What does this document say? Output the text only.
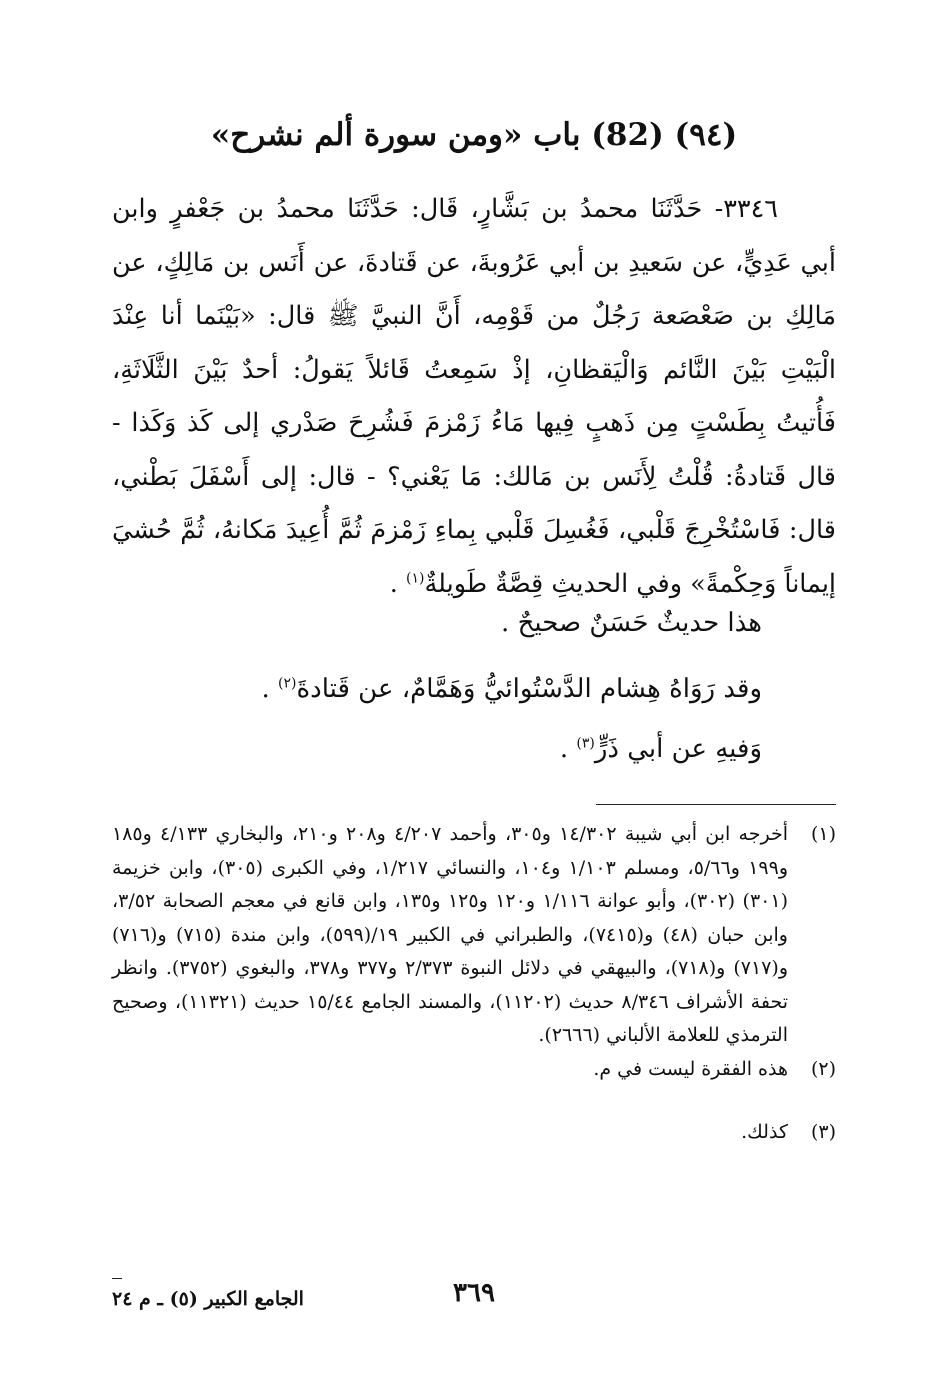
(٩٤) (82) باب «ومن سورة ألم نشرح»
٣٣٤٦- حَدَّثَنَا محمدُ بن بَشَّارٍ، قَال: حَدَّثَنَا محمدُ بن جَعْفرٍ وابن أبي عَدِيٍّ، عن سَعيدِ بن أبي عَرُوبةَ، عن قَتادةَ، عن أَنَس بن مَالِكٍ، عن مَالِكِ بن صَعْصَعة رَجُلٌ من قَوْمِه، أَنَّ النبيَّ ﷺ قال: «بَيْنَما أنا عِنْدَ الْبَيْتِ بَيْنَ النَّائم وَالْيَقظانِ، إذْ سَمِعتُ قَائلاً يَقولُ: أحدٌ بَيْنَ الثَّلَاثَةِ، فَأُتيتُ بِطَسْتٍ مِن ذَهبٍ فِيها مَاءُ زَمْزمَ فَشُرِحَ صَدْري إلى كَذ وَكَذا - قال قَتادةُ: قُلْتُ لِأَنَس بن مَالك: مَا يَعْني؟ - قال: إلى أَسْفَلَ بَطْني، قال: فَاسْتُخْرِجَ قَلْبي، فَغُسِلَ قَلْبي بِماءِ زَمْزمَ ثُمَّ أُعِيدَ مَكانهُ، ثُمَّ حُشيَ إيماناً وَحِكْمةً» وفي الحديثِ قِصَّةٌ طَويلةٌ$^{(١)}$ .
هذا حديثٌ حَسَنٌ صحيحٌ .
وقد رَوَاهُ هِشام الدَّسْتُوائيُّ وَهَمَّامٌ، عن قَتادةَ$^{(٢)}$ .
وَفيهِ عن أبي ذَرٍّ$^{(٣)}$ .
(١)
أخرجه ابن أبي شيبة ١٤/٣٠٢ و٣٠٥، وأحمد ٤/٢٠٧ و٢٠٨ و٢١٠، والبخاري ٤/١٣٣ و١٨٥ و١٩٩ و٥/٦٦، ومسلم ١/١٠٣ و١٠٤، والنسائي ١/٢١٧، وفي الكبرى (٣٠٥)، وابن خزيمة (٣٠١) (٣٠٢)، وأبو عوانة ١/١١٦ و١٢٠ و١٢٥ و١٣٥، وابن قانع في معجم الصحابة ٣/٥٢، وابن حبان (٤٨) و(٧٤١٥)، والطبراني في الكبير ١٩/(٥٩٩)، وابن مندة (٧١٥) و(٧١٦) و(٧١٧) و(٧١٨)، والبيهقي في دلائل النبوة ٢/٣٧٣ و٣٧٧ و٣٧٨، والبغوي (٣٧٥٢). وانظر تحفة الأشراف ٨/٣٤٦ حديث (١١٢٠٢)، والمسند الجامع ١٥/٤٤ حديث (١١٣٢١)، وصحيح الترمذي للعلامة الألباني (٢٦٦٦).
(٢)
هذه الفقرة ليست في م.
(٣)
كذلك.
٣٦٩
الجامع الكبير (٥) ـ م ٢٤
